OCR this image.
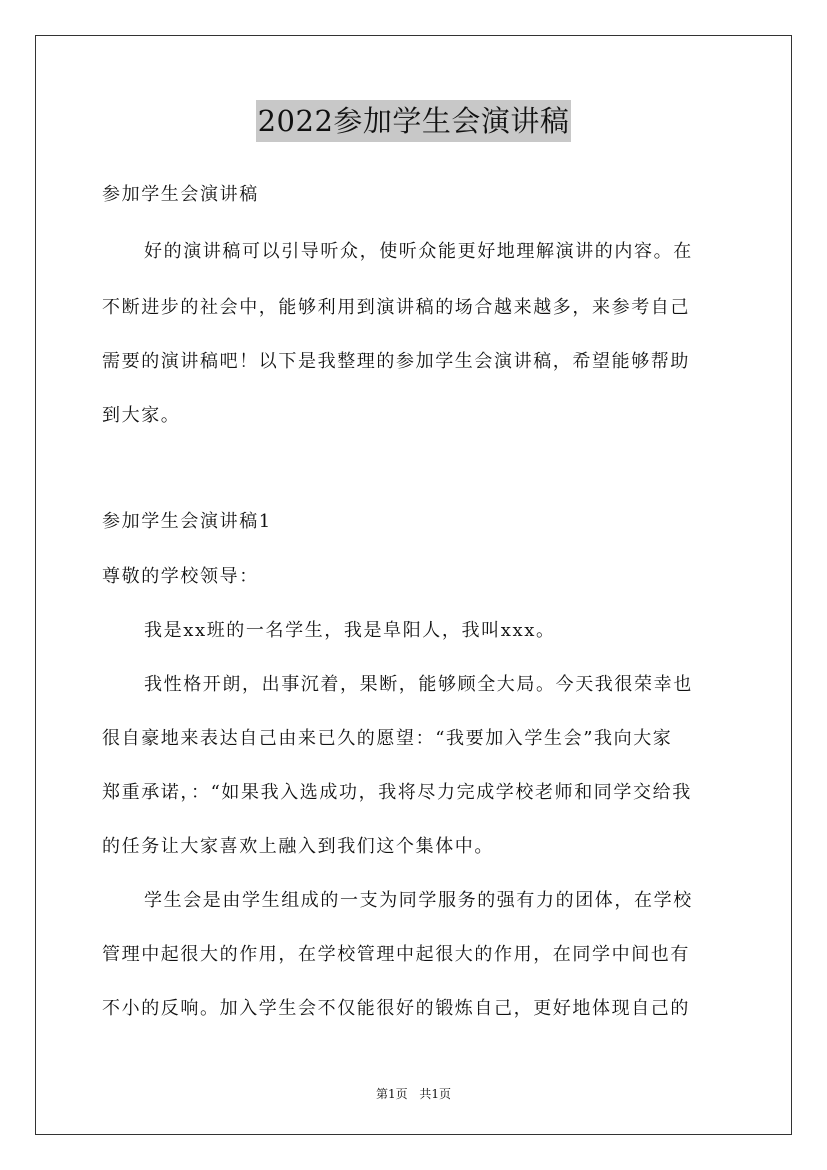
2022参加学生会演讲稿
参加学生会演讲稿
好的演讲稿可以引导听众，使听众能更好地理解演讲的内容。在
不断进步的社会中，能够利用到演讲稿的场合越来越多，来参考自己
需要的演讲稿吧！以下是我整理的参加学生会演讲稿，希望能够帮助
到大家。
参加学生会演讲稿1
尊敬的学校领导：
我是xx班的一名学生，我是阜阳人，我叫xxx。
我性格开朗，出事沉着，果断，能够顾全大局。今天我很荣幸也
很自豪地来表达自己由来已久的愿望：“我要加入学生会”我向大家
郑重承诺，：“如果我入选成功，我将尽力完成学校老师和同学交给我
的任务让大家喜欢上融入到我们这个集体中。
学生会是由学生组成的一支为同学服务的强有力的团体，在学校
管理中起很大的作用，在学校管理中起很大的作用，在同学中间也有
不小的反响。加入学生会不仅能很好的锻炼自己，更好地体现自己的
第1页 共1页
